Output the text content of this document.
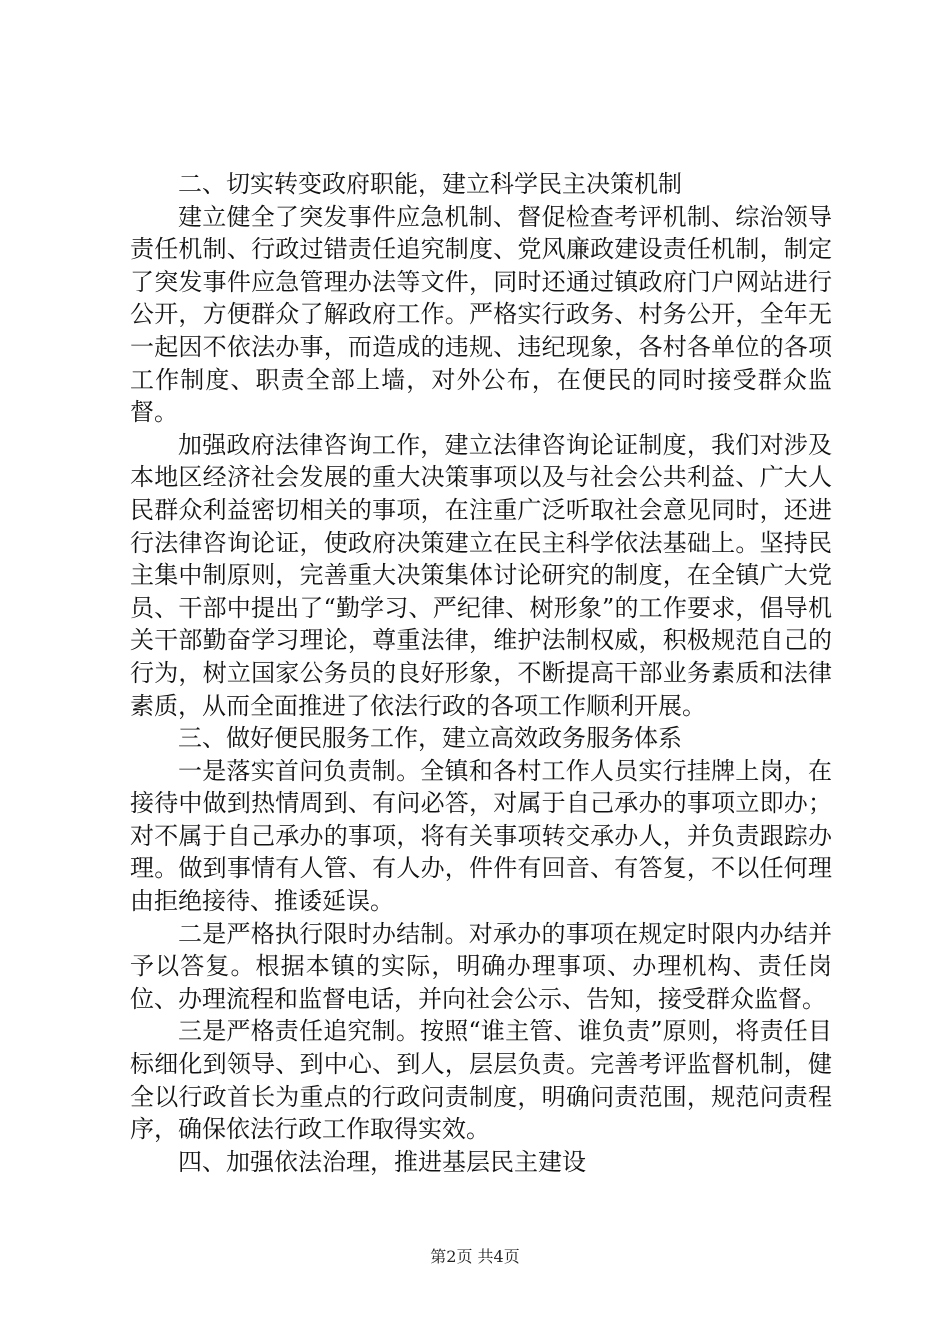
二、切实转变政府职能，建立科学民主决策机制

建立健全了突发事件应急机制、督促检查考评机制、综治领导责任机制、行政过错责任追究制度、党风廉政建设责任机制，制定了突发事件应急管理办法等文件，同时还通过镇政府门户网站进行公开，方便群众了解政府工作。严格实行政务、村务公开，全年无一起因不依法办事，而造成的违规、违纪现象，各村各单位的各项工作制度、职责全部上墙，对外公布，在便民的同时接受群众监督。

加强政府法律咨询工作，建立法律咨询论证制度，我们对涉及本地区经济社会发展的重大决策事项以及与社会公共利益、广大人民群众利益密切相关的事项，在注重广泛听取社会意见同时，还进行法律咨询论证，使政府决策建立在民主科学依法基础上。坚持民主集中制原则，完善重大决策集体讨论研究的制度，在全镇广大党员、干部中提出了“勤学习、严纪律、树形象”的工作要求，倡导机关干部勤奋学习理论，尊重法律，维护法制权威，积极规范自己的行为，树立国家公务员的良好形象，不断提高干部业务素质和法律素质，从而全面推进了依法行政的各项工作顺利开展。

三、做好便民服务工作，建立高效政务服务体系

一是落实首问负责制。全镇和各村工作人员实行挂牌上岗，在接待中做到热情周到、有问必答，对属于自己承办的事项立即办；对不属于自己承办的事项，将有关事项转交承办人，并负责跟踪办理。做到事情有人管、有人办，件件有回音、有答复，不以任何理由拒绝接待、推诿延误。

二是严格执行限时办结制。对承办的事项在规定时限内办结并予以答复。根据本镇的实际，明确办理事项、办理机构、责任岗位、办理流程和监督电话，并向社会公示、告知，接受群众监督。

三是严格责任追究制。按照“谁主管、谁负责”原则，将责任目标细化到领导、到中心、到人，层层负责。完善考评监督机制，健全以行政首长为重点的行政问责制度，明确问责范围，规范问责程序，确保依法行政工作取得实效。

四、加强依法治理，推进基层民主建设

第2页 共4页
